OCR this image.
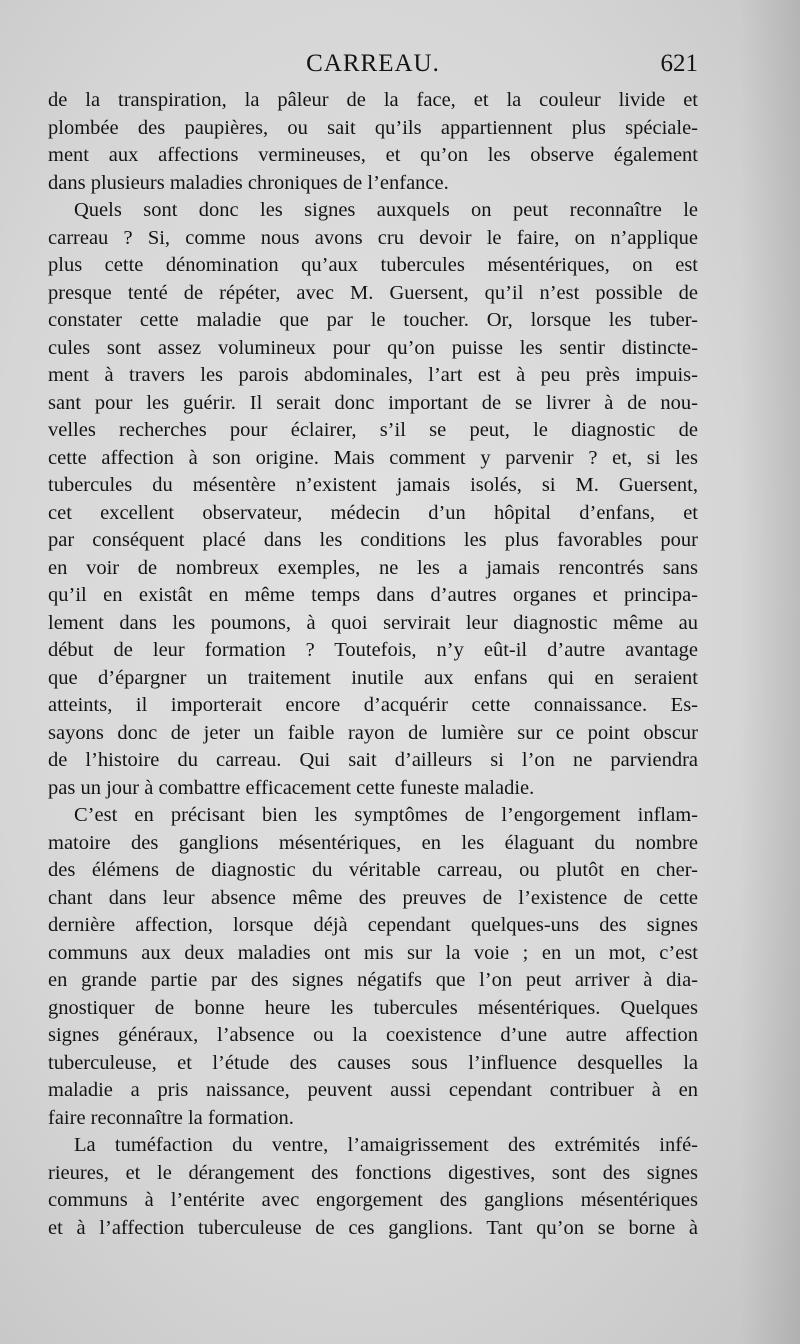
CARREAU.	621
de la transpiration, la pâleur de la face, et la couleur livide et
plombée des paupières, ou sait qu’ils appartiennent plus spéciale-
ment aux affections vermineuses, et qu’on les observe également
dans plusieurs maladies chroniques de l’enfance.
Quels sont donc les signes auxquels on peut reconnaître le
carreau ? Si, comme nous avons cru devoir le faire, on n’applique
plus cette dénomination qu’aux tubercules mésentériques, on est
presque tenté de répéter, avec M. Guersent, qu’il n’est possible de
constater cette maladie que par le toucher. Or, lorsque les tuber-
cules sont assez volumineux pour qu’on puisse les sentir distincte-
ment à travers les parois abdominales, l’art est à peu près impuis-
sant pour les guérir. Il serait donc important de se livrer à de nou-
velles recherches pour éclairer, s’il se peut, le diagnostic de
cette affection à son origine. Mais comment y parvenir ? et, si les
tubercules du mésentère n’existent jamais isolés, si M. Guersent,
cet excellent observateur, médecin d’un hôpital d’enfans, et
par conséquent placé dans les conditions les plus favorables pour
en voir de nombreux exemples, ne les a jamais rencontrés sans
qu’il en existât en même temps dans d’autres organes et principa-
lement dans les poumons, à quoi servirait leur diagnostic même au
début de leur formation ? Toutefois, n’y eût-il d’autre avantage
que d’épargner un traitement inutile aux enfans qui en seraient
atteints, il importerait encore d’acquérir cette connaissance. Es-
sayons donc de jeter un faible rayon de lumière sur ce point obscur
de l’histoire du carreau. Qui sait d’ailleurs si l’on ne parviendra
pas un jour à combattre efficacement cette funeste maladie.
C’est en précisant bien les symptômes de l’engorgement inflam-
matoire des ganglions mésentériques, en les élaguant du nombre
des élémens de diagnostic du véritable carreau, ou plutôt en cher-
chant dans leur absence même des preuves de l’existence de cette
dernière affection, lorsque déjà cependant quelques-uns des signes
communs aux deux maladies ont mis sur la voie ; en un mot, c’est
en grande partie par des signes négatifs que l’on peut arriver à dia-
gnostiquer de bonne heure les tubercules mésentériques. Quelques
signes généraux, l’absence ou la coexistence d’une autre affection
tuberculeuse, et l’étude des causes sous l’influence desquelles la
maladie a pris naissance, peuvent aussi cependant contribuer à en
faire reconnaître la formation.
La tuméfaction du ventre, l’amaigrissement des extrémités infé-
rieures, et le dérangement des fonctions digestives, sont des signes
communs à l’entérite avec engorgement des ganglions mésentériques
et à l’affection tuberculeuse de ces ganglions. Tant qu’on se borne à
